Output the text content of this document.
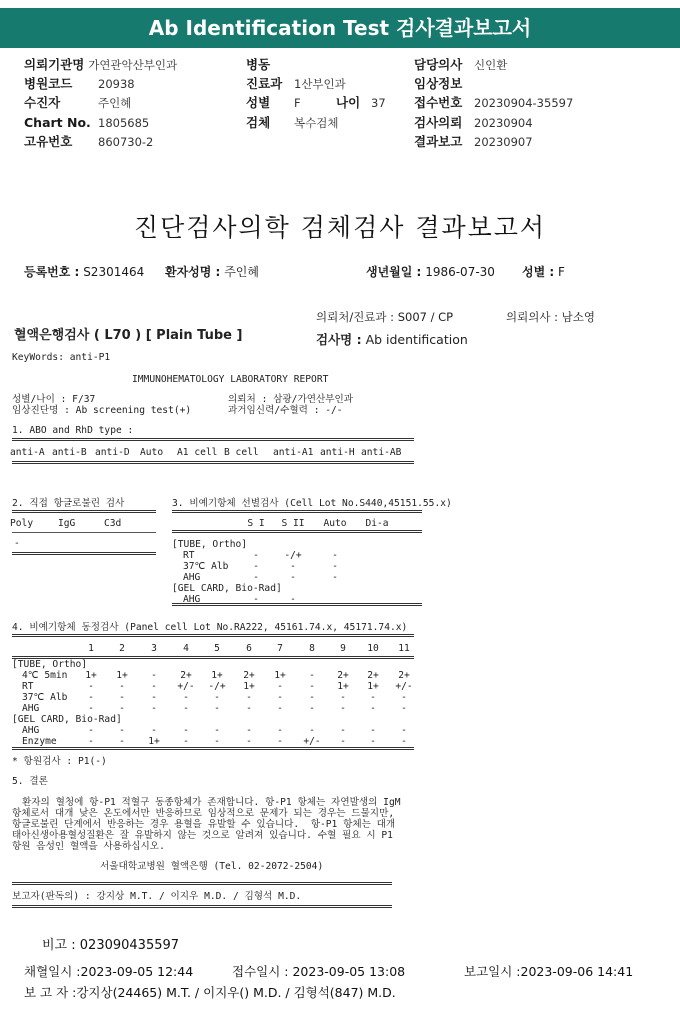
Ab Identification Test 검사결과보고서
의뢰기관명 가연관악산부인과
병원코드 20938
수진자	주인혜
Chart No. 1805685
고유번호 860730-2
병동
진료과 1산부인과
성별 F	나이 37
검체 복수검체
담당의사 신인환
임상정보
접수번호 20230904-35597
검사의뢰 20230904
결과보고 20230907
진단검사의학 검체검사 결과보고서
등록번호 : S2301464 환자성명 : 주인혜	생년월일 : 1986-07-30 성별 : F
의뢰처/진료과 : S007 / CP	의뢰의사 : 남소영
혈액은행검사 ( L70 ) [ Plain Tube ]	검사명 : Ab identification
KeyWords: anti-P1
IMMUNOHEMATOLOGY LABORATORY REPORT
성별/나이 : F/37	의뢰처 : 삼광/가연산부인과
임상진단명 : Ab screening test(+)	과거임신력/수혈력 : -/-
1. ABO and RhD type :
anti-A anti-B anti-D	Auto	A1 cell B cell	anti-A1 anti-H anti-AB
2. 직접 항글로불린 검사
Poly	IgG	C3d
-
3. 비예기항체 선별검사 (Cell Lot No.S440,45151.55.x)
S I	S II	Auto	Di-a
[TUBE, Ortho]
RT	-	-/+	-
37℃ Alb	-	-	-
AHG	-	-	-
[GEL CARD, Bio-Rad]
AHG	-	-
4. 비예기항체 동정검사 (Panel cell Lot No.RA222, 45161.74.x, 45171.74.x)
1	2	3	4	5	6	7	8	9	10	11
[TUBE, Ortho]
4℃ 5min	1+	1+	-	2+	1+	2+	1+	-	2+	2+	2+
RT	-	-	-	+/-	-/+	1+	-	-	1+	1+	+/-
37℃ Alb	-	-	-	-	-	-	-	-	-	-	-
AHG	-	-	-	-	-	-	-	-	-	-	-
[GEL CARD, Bio-Rad]
AHG	-	-	-	-	-	-	-	-	-	-	-
Enzyme	-	-	1+	-	-	-	-	+/-	-	-	-
* 항원검사 : P1(-)
5. 결론
환자의 혈청에 항-P1 적혈구 동종항체가 존재합니다. 항-P1 항체는 자연발생의 IgM
항체로서 대개 낮은 온도에서만 반응하므로 임상적으로 문제가 되는 경우는 드물지만,
항글로불린 단계에서 반응하는 경우 용혈을 유발할 수 있습니다.  항-P1 항체는 대개
태아신생아용혈성질환은 잘 유발하지 않는 것으로 알려져 있습니다. 수혈 필요 시 P1
항원 음성인 혈액을 사용하십시오.
서울대학교병원 혈액은행 (Tel. 02-2072-2504)
보고자(판독의) : 강지상 M.T. / 이지우 M.D. / 김형석 M.D.
비고 : 023090435597
채혈일시 :2023-09-05 12:44	접수일시 : 2023-09-05 13:08	보고일시 :2023-09-06 14:41
보 고 자 :강지상(24465) M.T. / 이지우() M.D. / 김형석(847) M.D.
